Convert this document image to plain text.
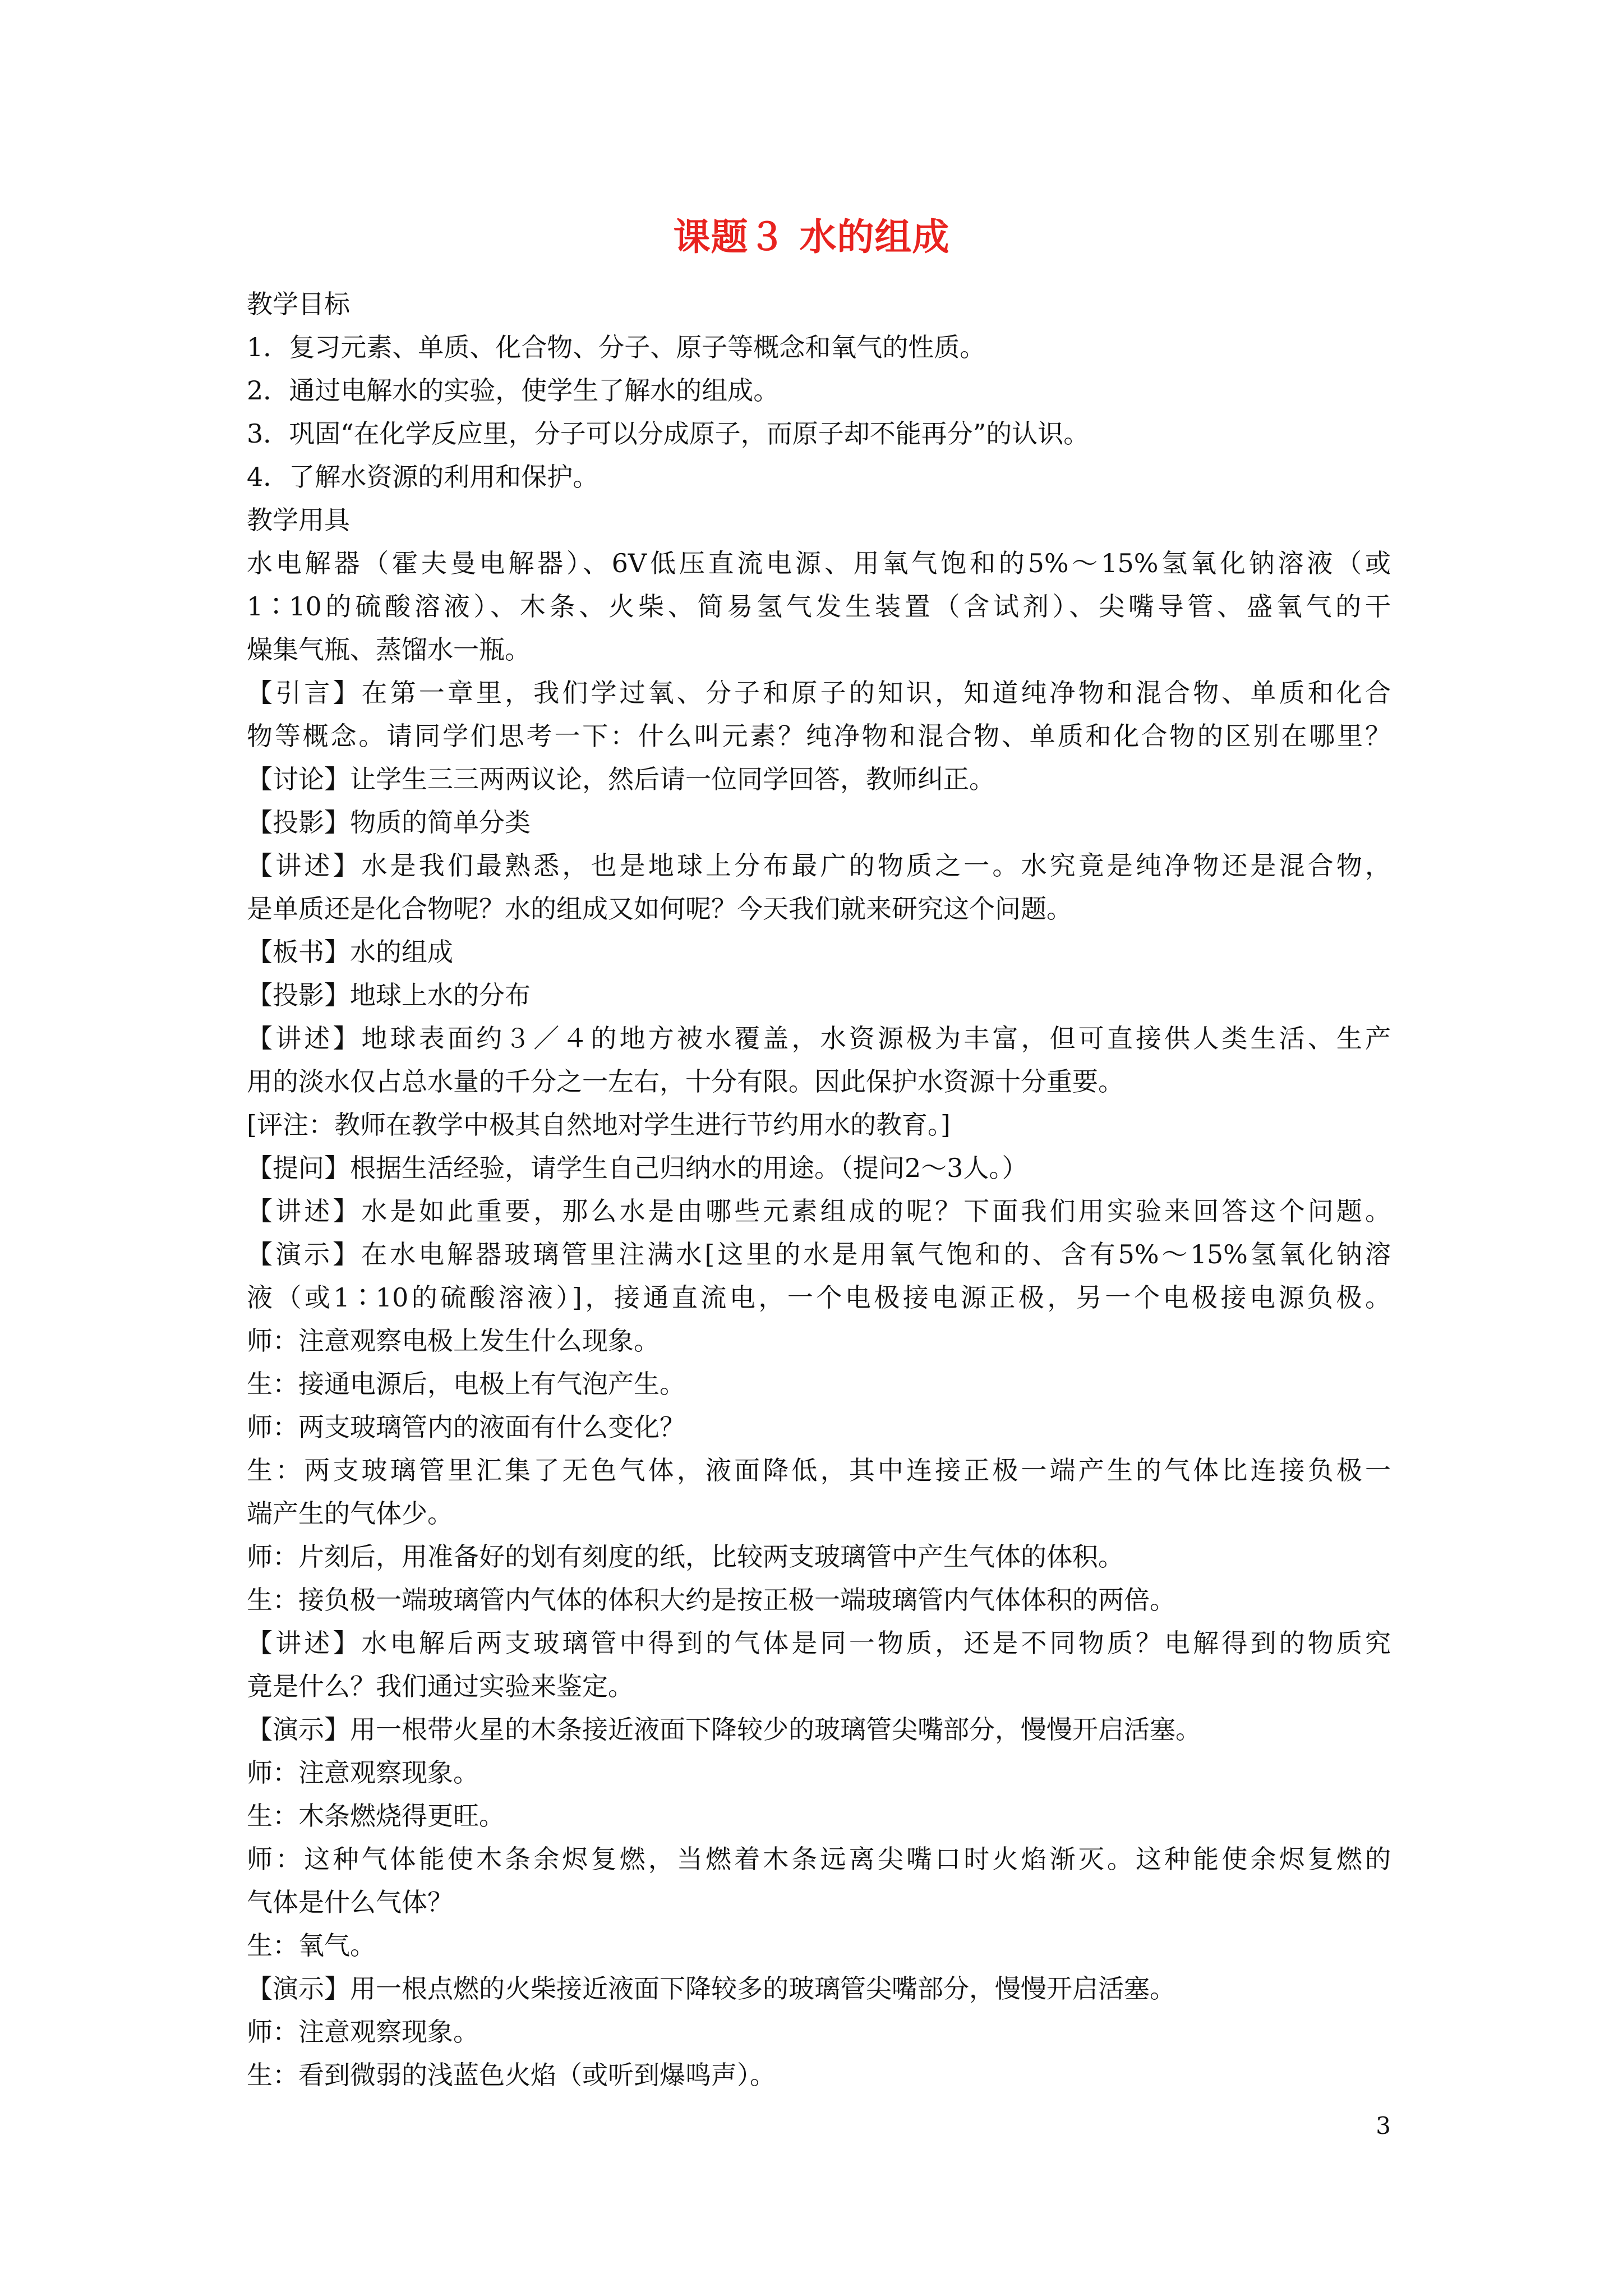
课题３ 水的组成
教学目标
1．复习元素、单质、化合物、分子、原子等概念和氧气的性质。
2．通过电解水的实验，使学生了解水的组成。
3．巩固“在化学反应里，分子可以分成原子，而原子却不能再分”的认识。
4．了解水资源的利用和保护。
教学用具
水电解器（霍夫曼电解器）、6V低压直流电源、用氧气饱和的5%～15%氢氧化钠溶液（或
1∶10的硫酸溶液）、木条、火柴、简易氢气发生装置（含试剂）、尖嘴导管、盛氧气的干
燥集气瓶、蒸馏水一瓶。
【引言】在第一章里，我们学过氧、分子和原子的知识，知道纯净物和混合物、单质和化合
物等概念。请同学们思考一下：什么叫元素？纯净物和混合物、单质和化合物的区别在哪里？
【讨论】让学生三三两两议论，然后请一位同学回答，教师纠正。
【投影】物质的简单分类
【讲述】水是我们最熟悉，也是地球上分布最广的物质之一。水究竟是纯净物还是混合物，
是单质还是化合物呢？水的组成又如何呢？今天我们就来研究这个问题。
【板书】水的组成
【投影】地球上水的分布
【讲述】地球表面约３／４的地方被水覆盖，水资源极为丰富，但可直接供人类生活、生产
用的淡水仅占总水量的千分之一左右，十分有限。因此保护水资源十分重要。
[评注：教师在教学中极其自然地对学生进行节约用水的教育。]
【提问】根据生活经验，请学生自己归纳水的用途。（提问2～3人。）
【讲述】水是如此重要，那么水是由哪些元素组成的呢？下面我们用实验来回答这个问题。
【演示】在水电解器玻璃管里注满水[这里的水是用氧气饱和的、含有5%～15%氢氧化钠溶
液（或1∶10的硫酸溶液）]，接通直流电，一个电极接电源正极，另一个电极接电源负极。
师：注意观察电极上发生什么现象。
生：接通电源后，电极上有气泡产生。
师：两支玻璃管内的液面有什么变化？
生：两支玻璃管里汇集了无色气体，液面降低，其中连接正极一端产生的气体比连接负极一
端产生的气体少。
师：片刻后，用准备好的划有刻度的纸，比较两支玻璃管中产生气体的体积。
生：接负极一端玻璃管内气体的体积大约是按正极一端玻璃管内气体体积的两倍。
【讲述】水电解后两支玻璃管中得到的气体是同一物质，还是不同物质？电解得到的物质究
竟是什么？我们通过实验来鉴定。
【演示】用一根带火星的木条接近液面下降较少的玻璃管尖嘴部分，慢慢开启活塞。
师：注意观察现象。
生：木条燃烧得更旺。
师：这种气体能使木条余烬复燃，当燃着木条远离尖嘴口时火焰渐灭。这种能使余烬复燃的
气体是什么气体？
生：氧气。
【演示】用一根点燃的火柴接近液面下降较多的玻璃管尖嘴部分，慢慢开启活塞。
师：注意观察现象。
生：看到微弱的浅蓝色火焰（或听到爆鸣声）。
3
